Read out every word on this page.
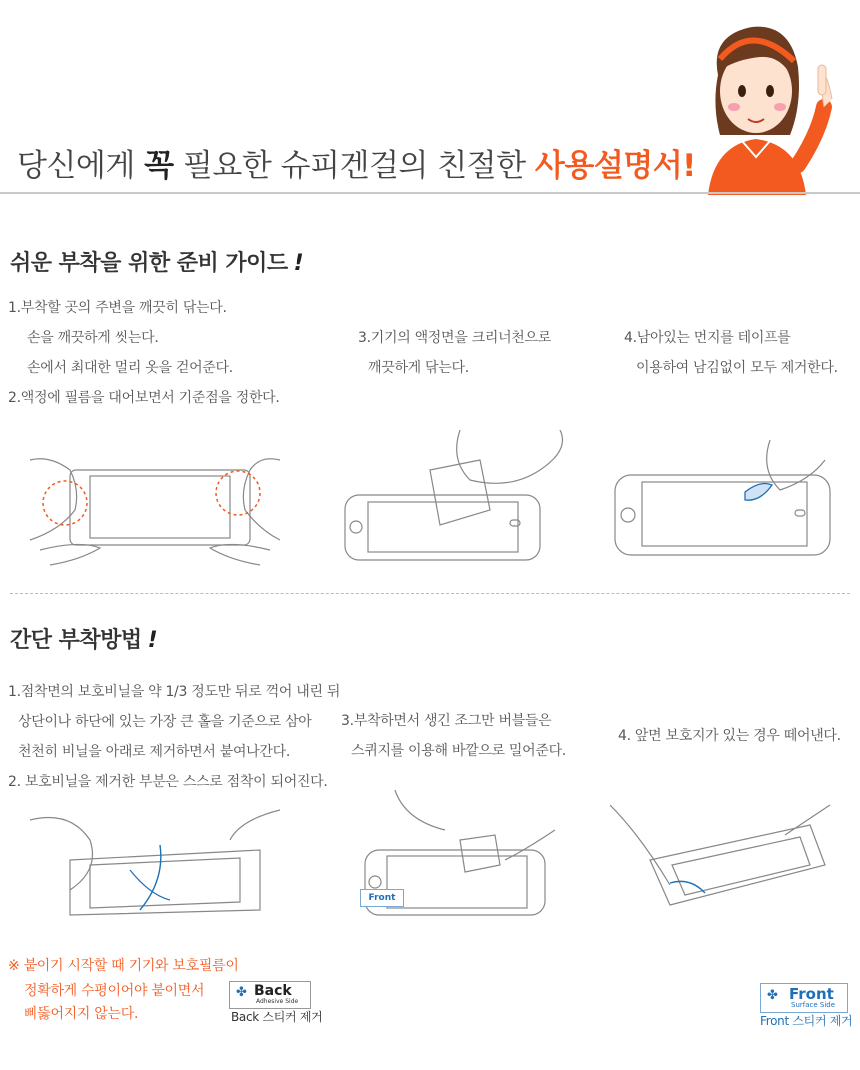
당신에게 꼭 필요한 슈피겐걸의 친절한 사용설명서!
쉬운 부착을 위한 준비 가이드 !
1.부착할 곳의 주변을 깨끗히 닦는다.
손을 깨끗하게 씻는다.
손에서 최대한 멀리 옷을 걷어준다.
2.액정에 필름을 대어보면서 기준점을 정한다.
3.기기의 액정면을 크리너천으로
깨끗하게 닦는다.
4.남아있는 먼지를 테이프를
이용하여 남김없이 모두 제거한다.
간단 부착방법 !
1.점착면의 보호비닐을 약 1/3 정도만 뒤로 꺽어 내린 뒤
상단이나 하단에 있는 가장 큰 홀을 기준으로 삼아
천천히 비닐을 아래로 제거하면서 붙여나간다.
2. 보호비닐을 제거한 부분은 스스로 점착이 되어진다.
3.부착하면서 생긴 조그만 버블들은
스퀴지를 이용해 바깥으로 밀어준다.
4. 앞면 보호지가 있는 경우 떼어낸다.
Front
※ 붙이기 시작할 때 기기와 보호필름이
정확하게 수평이어야 붙이면서
삐뚫어지지 않는다.
✤ Back
Adhesive Side
Back 스티커 제거
✤ Front
Surface Side
Front 스티커 제거
